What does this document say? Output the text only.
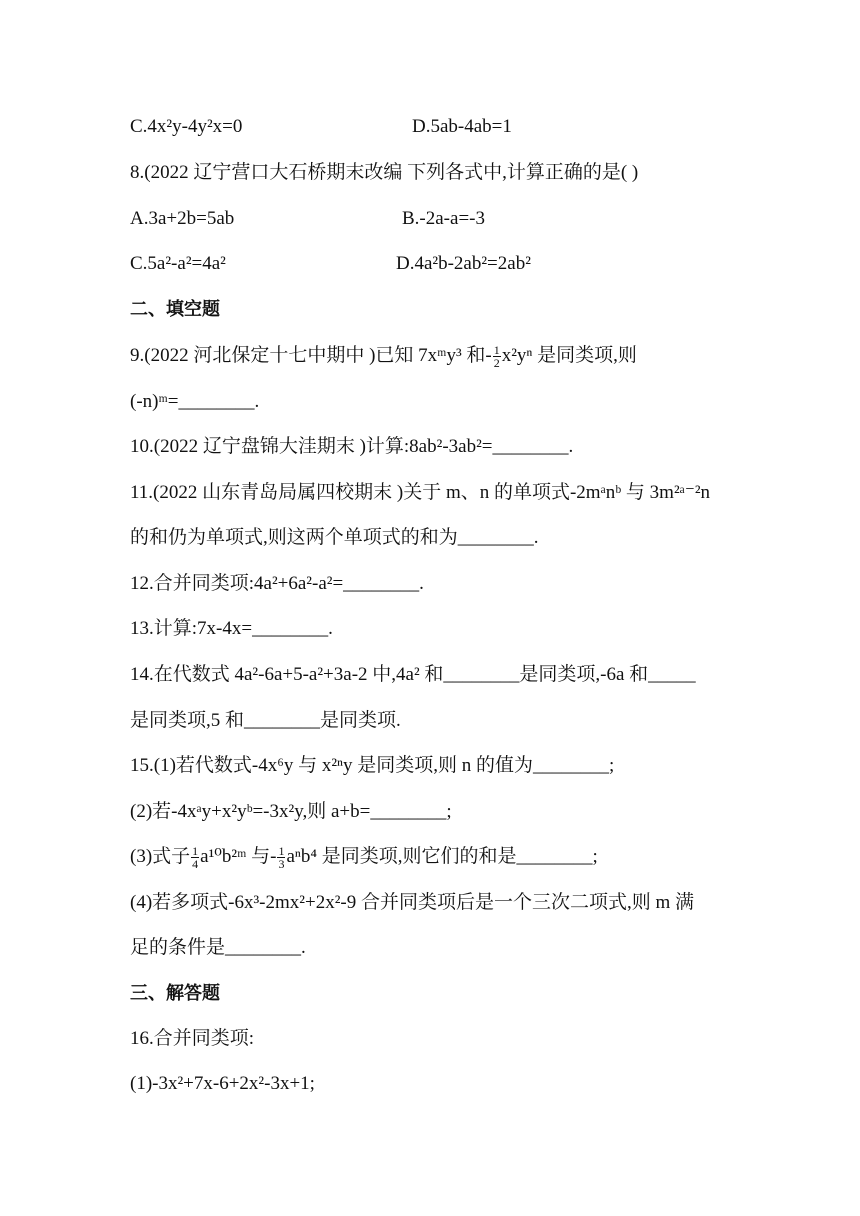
C.4x²y-4y²x=0	D.5ab-4ab=1
8.(2022 辽宁营口大石桥期末改编 下列各式中,计算正确的是( )
A.3a+2b=5ab	B.-2a-a=-3
C.5a²-a²=4a²	D.4a²b-2ab²=2ab²
二、填空题
9.(2022 河北保定十七中期中 )已知 7xᵐy³ 和- $\frac{1}{2} x^2y^n$ 是同类项,则
(-n)ᵐ=________.
10.(2022 辽宁盘锦大洼期末 )计算:8ab²-3ab²=________.
11.(2022 山东青岛局属四校期末 )关于 m、n 的单项式-2mᵃnᵇ 与 3m²ᵃ⁻²n
的和仍为单项式,则这两个单项式的和为________.
12.合并同类项:4a²+6a²-a²=________.
13.计算:7x-4x=________.
14.在代数式 4a²-6a+5-a²+3a-2 中,4a² 和________是同类项,-6a 和_____
是同类项,5 和________是同类项.
15.(1)若代数式-4x⁶y 与 x²ⁿy 是同类项,则 n 的值为________;
(2)若-4xᵃy+x²yᵇ=-3x²y,则 a+b=________;
(3)式子 $\frac{1}{4}$ a¹⁰b²ᵐ 与- $\frac{1}{3} a^nb^4$ 是同类项,则它们的和是________;
(4)若多项式-6x³-2mx²+2x²-9 合并同类项后是一个三次二项式,则 m 满
足的条件是________.
三、解答题
16.合并同类项:
(1)-3x²+7x-6+2x²-3x+1;
